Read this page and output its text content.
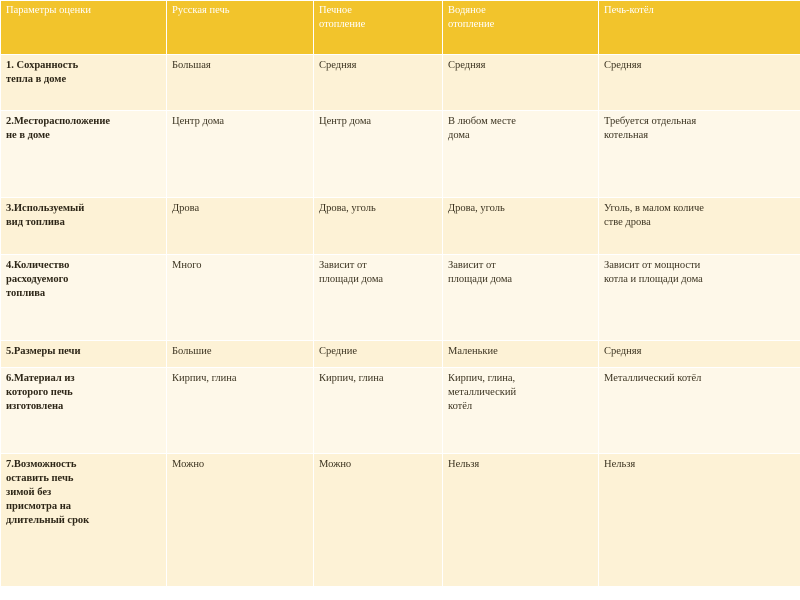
Параметры оценки	Русская печь	Печное
отопление	Водяное
отопление	Печь-котёл

1. Сохранность
тепла в доме	Большая	Средняя	Средняя	Средняя

2.Месторасположение
не в доме	Центр дома	Центр дома	В любом месте
дома	Требуется отдельная
котельная

3.Используемый
вид топлива	Дрова	Дрова, уголь	Дрова, уголь	Уголь, в малом количе
стве дрова

4.Количество
расходуемого
топлива	Много	Зависит от
площади дома	Зависит от
площади дома	Зависит от мощности
котла и площади дома

5.Размеры печи	Большие	Средние	Маленькие	Средняя

6.Материал из
которого печь
изготовлена	Кирпич, глина	Кирпич, глина	Кирпич, глина,
металлический
котёл	Металлический котёл

7.Возможность
оставить печь
зимой без
присмотра на
длительный срок	Можно	Можно	Нельзя	Нельзя
